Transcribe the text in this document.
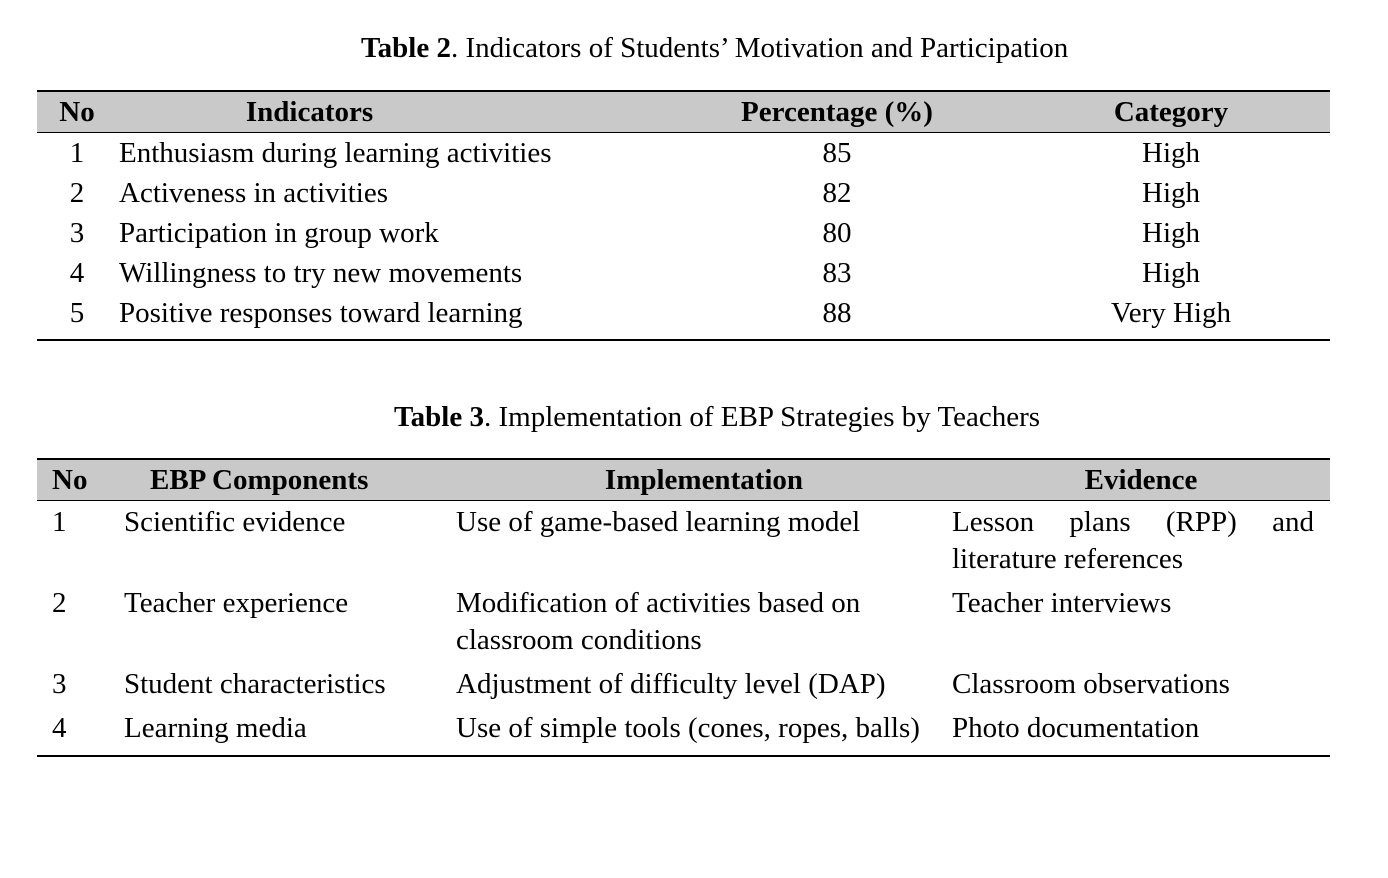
Table 2. Indicators of Students’ Motivation and Participation
No	Indicators	Percentage (%)	Category
1	Enthusiasm during learning activities	85	High
2	Activeness in activities	82	High
3	Participation in group work	80	High
4	Willingness to try new movements	83	High
5	Positive responses toward learning	88	Very High
Table 3. Implementation of EBP Strategies by Teachers
No	EBP Components	Implementation	Evidence
1	Scientific evidence	Use of game-based learning model	Lesson plans (RPP) and literature references
2	Teacher experience	Modification of activities based on classroom conditions	Teacher interviews
3	Student characteristics	Adjustment of difficulty level (DAP)	Classroom observations
4	Learning media	Use of simple tools (cones, ropes, balls)	Photo documentation
